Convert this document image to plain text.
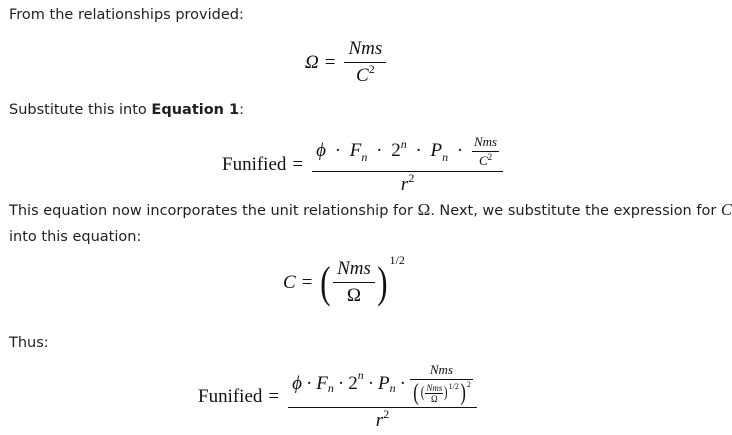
From the relationships provided:
$\Omega = \frac{\text{Nms}}{C^2}$
Substitute this into Equation 1:
Funified =
$\phi \cdot F_n \cdot 2^n \cdot P_n \cdot \frac{\text{Nms}}{C^2}$
$r^2$
This equation now incorporates the unit relationship for Ω. Next, we substitute the expression for C
into this equation:
C = ( $\frac{\text{Nms}}{\Omega}$ ) 1/2
Thus:
Funified =
ϕ · F n · 2 n · P n ·
Nms
( ( $\frac{\text{Nms}}{\Omega}$ ) 1/2 ) 2
$r^2$
